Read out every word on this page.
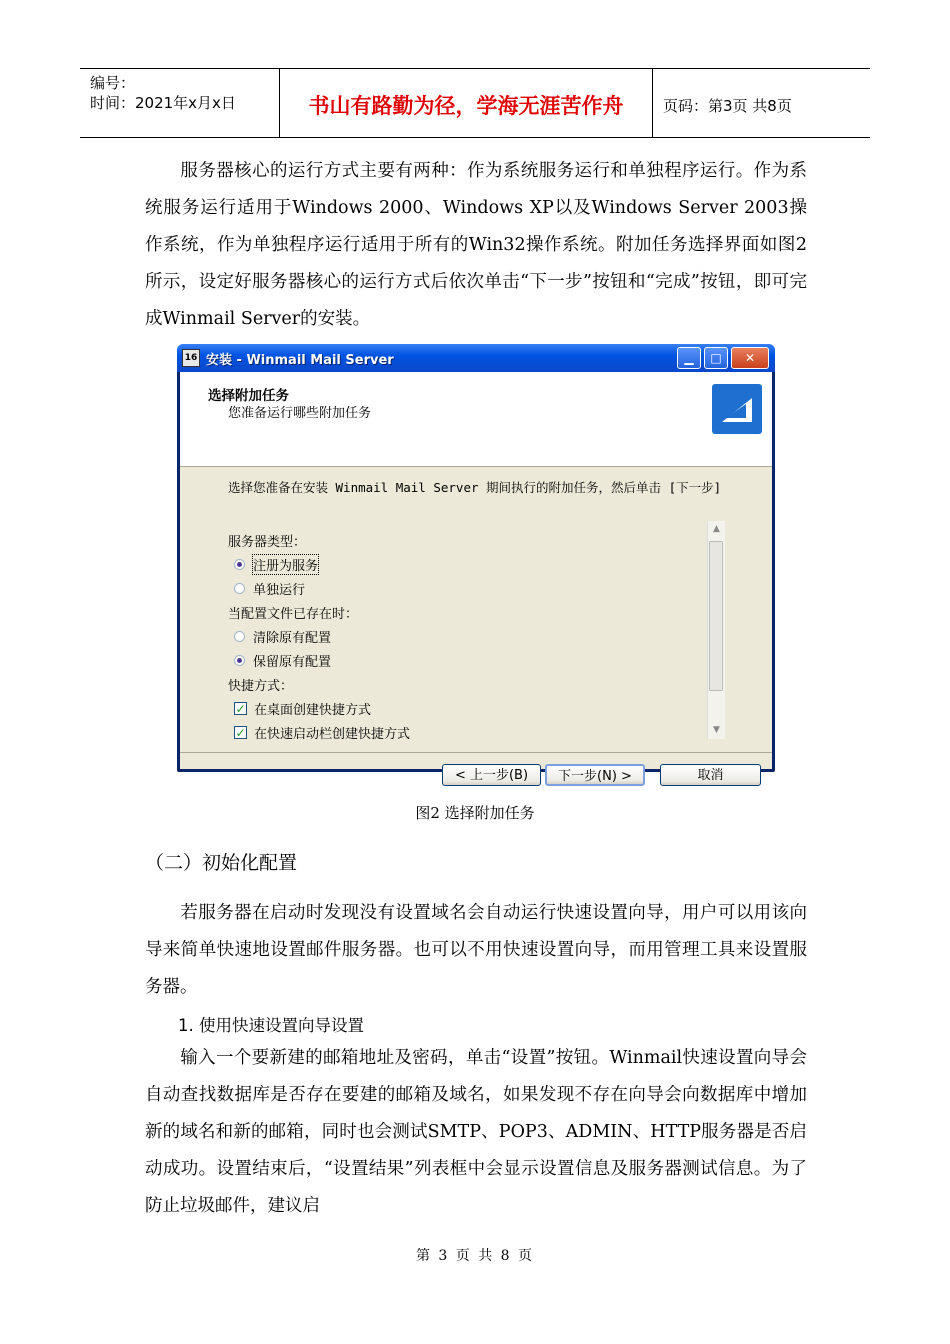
编号：
时间：2021年x月x日	书山有路勤为径，学海无涯苦作舟	页码：第3页 共8页
服务器核心的运行方式主要有两种：作为系统服务运行和单独程序运行。作为系统服务运行适用于Windows 2000、Windows XP以及Windows Server 2003操作系统，作为单独程序运行适用于所有的Win32操作系统。附加任务选择界面如图2所示，设定好服务器核心的运行方式后依次单击“下一步”按钮和“完成”按钮，即可完成Winmail Server的安装。
16 安装 - Winmail Mail Server	▁	□	✕
选择附加任务
您准备运行哪些附加任务
选择您准备在安装 Winmail Mail Server 期间执行的附加任务，然后单击 [下一步]
服务器类型：
注册为服务
单独运行
当配置文件已存在时：
清除原有配置
保留原有配置
快捷方式：
✓ 在桌面创建快捷方式
✓ 在快速启动栏创建快捷方式
▲
▼
< 上一步(B)	下一步(N) >	取消
图2 选择附加任务
（二）初始化配置
若服务器在启动时发现没有设置域名会自动运行快速设置向导，用户可以用该向导来简单快速地设置邮件服务器。也可以不用快速设置向导，而用管理工具来设置服务器。
1. 使用快速设置向导设置
输入一个要新建的邮箱地址及密码，单击“设置”按钮。Winmail快速设置向导会自动查找数据库是否存在要建的邮箱及域名，如果发现不存在向导会向数据库中增加新的域名和新的邮箱，同时也会测试SMTP、POP3、ADMIN、HTTP服务器是否启动成功。设置结束后，“设置结果”列表框中会显示设置信息及服务器测试信息。为了防止垃圾邮件，建议启
第 3 页 共 8 页
